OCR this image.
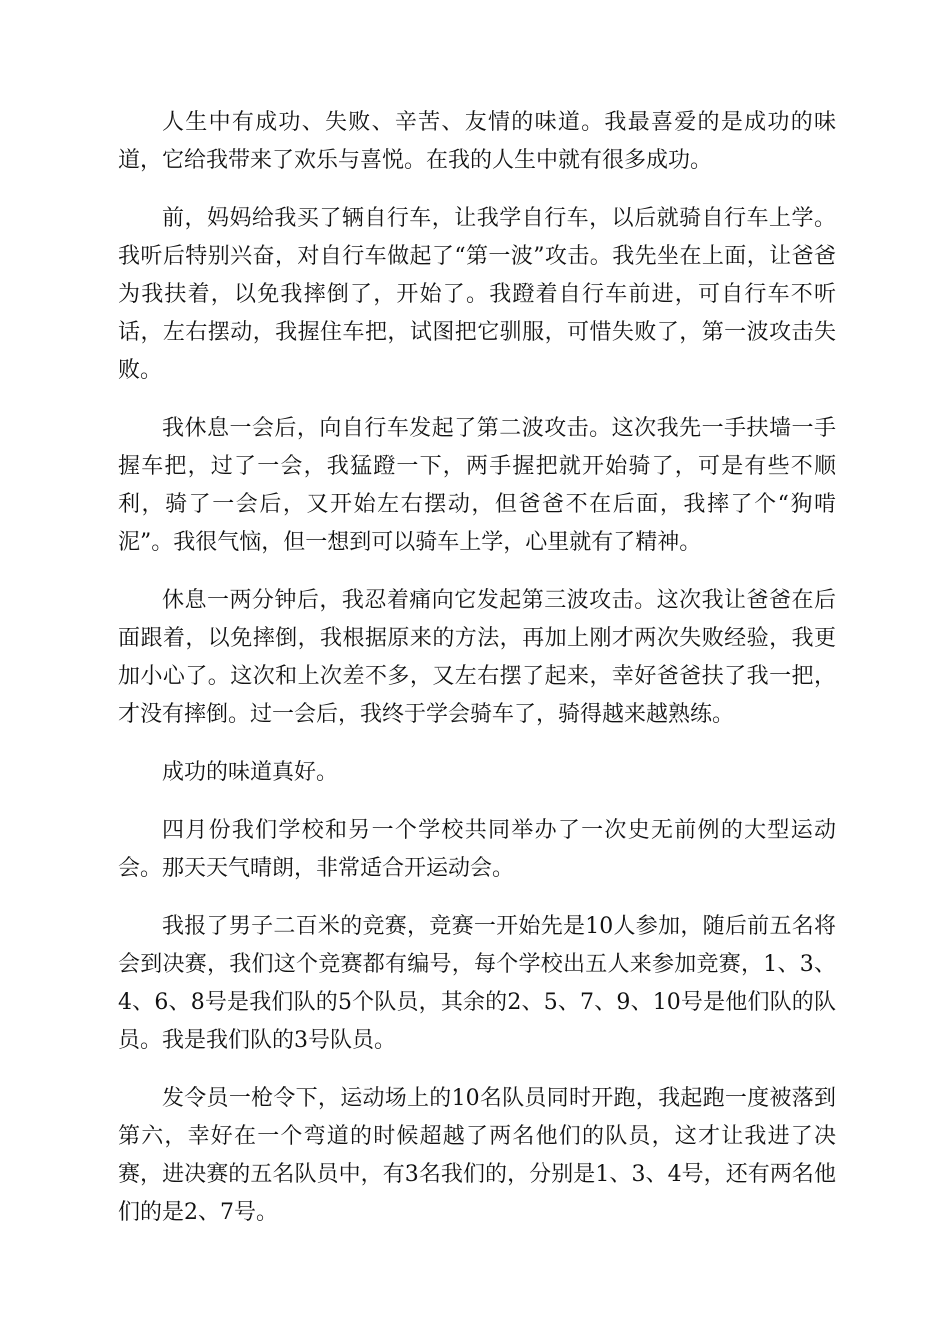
人生中有成功、失败、辛苦、友情的味道。我最喜爱的是成功的味道，它给我带来了欢乐与喜悦。在我的人生中就有很多成功。

前，妈妈给我买了辆自行车，让我学自行车，以后就骑自行车上学。我听后特别兴奋，对自行车做起了“第一波”攻击。我先坐在上面，让爸爸为我扶着，以免我摔倒了，开始了。我蹬着自行车前进，可自行车不听话，左右摆动，我握住车把，试图把它驯服，可惜失败了，第一波攻击失败。

我休息一会后，向自行车发起了第二波攻击。这次我先一手扶墙一手握车把，过了一会，我猛蹬一下，两手握把就开始骑了，可是有些不顺利，骑了一会后，又开始左右摆动，但爸爸不在后面，我摔了个“狗啃泥”。我很气恼，但一想到可以骑车上学，心里就有了精神。

休息一两分钟后，我忍着痛向它发起第三波攻击。这次我让爸爸在后面跟着，以免摔倒，我根据原来的方法，再加上刚才两次失败经验，我更加小心了。这次和上次差不多，又左右摆了起来，幸好爸爸扶了我一把，才没有摔倒。过一会后，我终于学会骑车了，骑得越来越熟练。

成功的味道真好。

四月份我们学校和另一个学校共同举办了一次史无前例的大型运动会。那天天气晴朗，非常适合开运动会。

我报了男子二百米的竞赛，竞赛一开始先是10人参加，随后前五名将会到决赛，我们这个竞赛都有编号，每个学校出五人来参加竞赛，1、3、4、6、8号是我们队的5个队员，其余的2、5、7、9、10号是他们队的队员。我是我们队的3号队员。

发令员一枪令下，运动场上的10名队员同时开跑，我起跑一度被落到第六，幸好在一个弯道的时候超越了两名他们的队员，这才让我进了决赛，进决赛的五名队员中，有3名我们的，分别是1、3、4号，还有两名他们的是2、7号。
